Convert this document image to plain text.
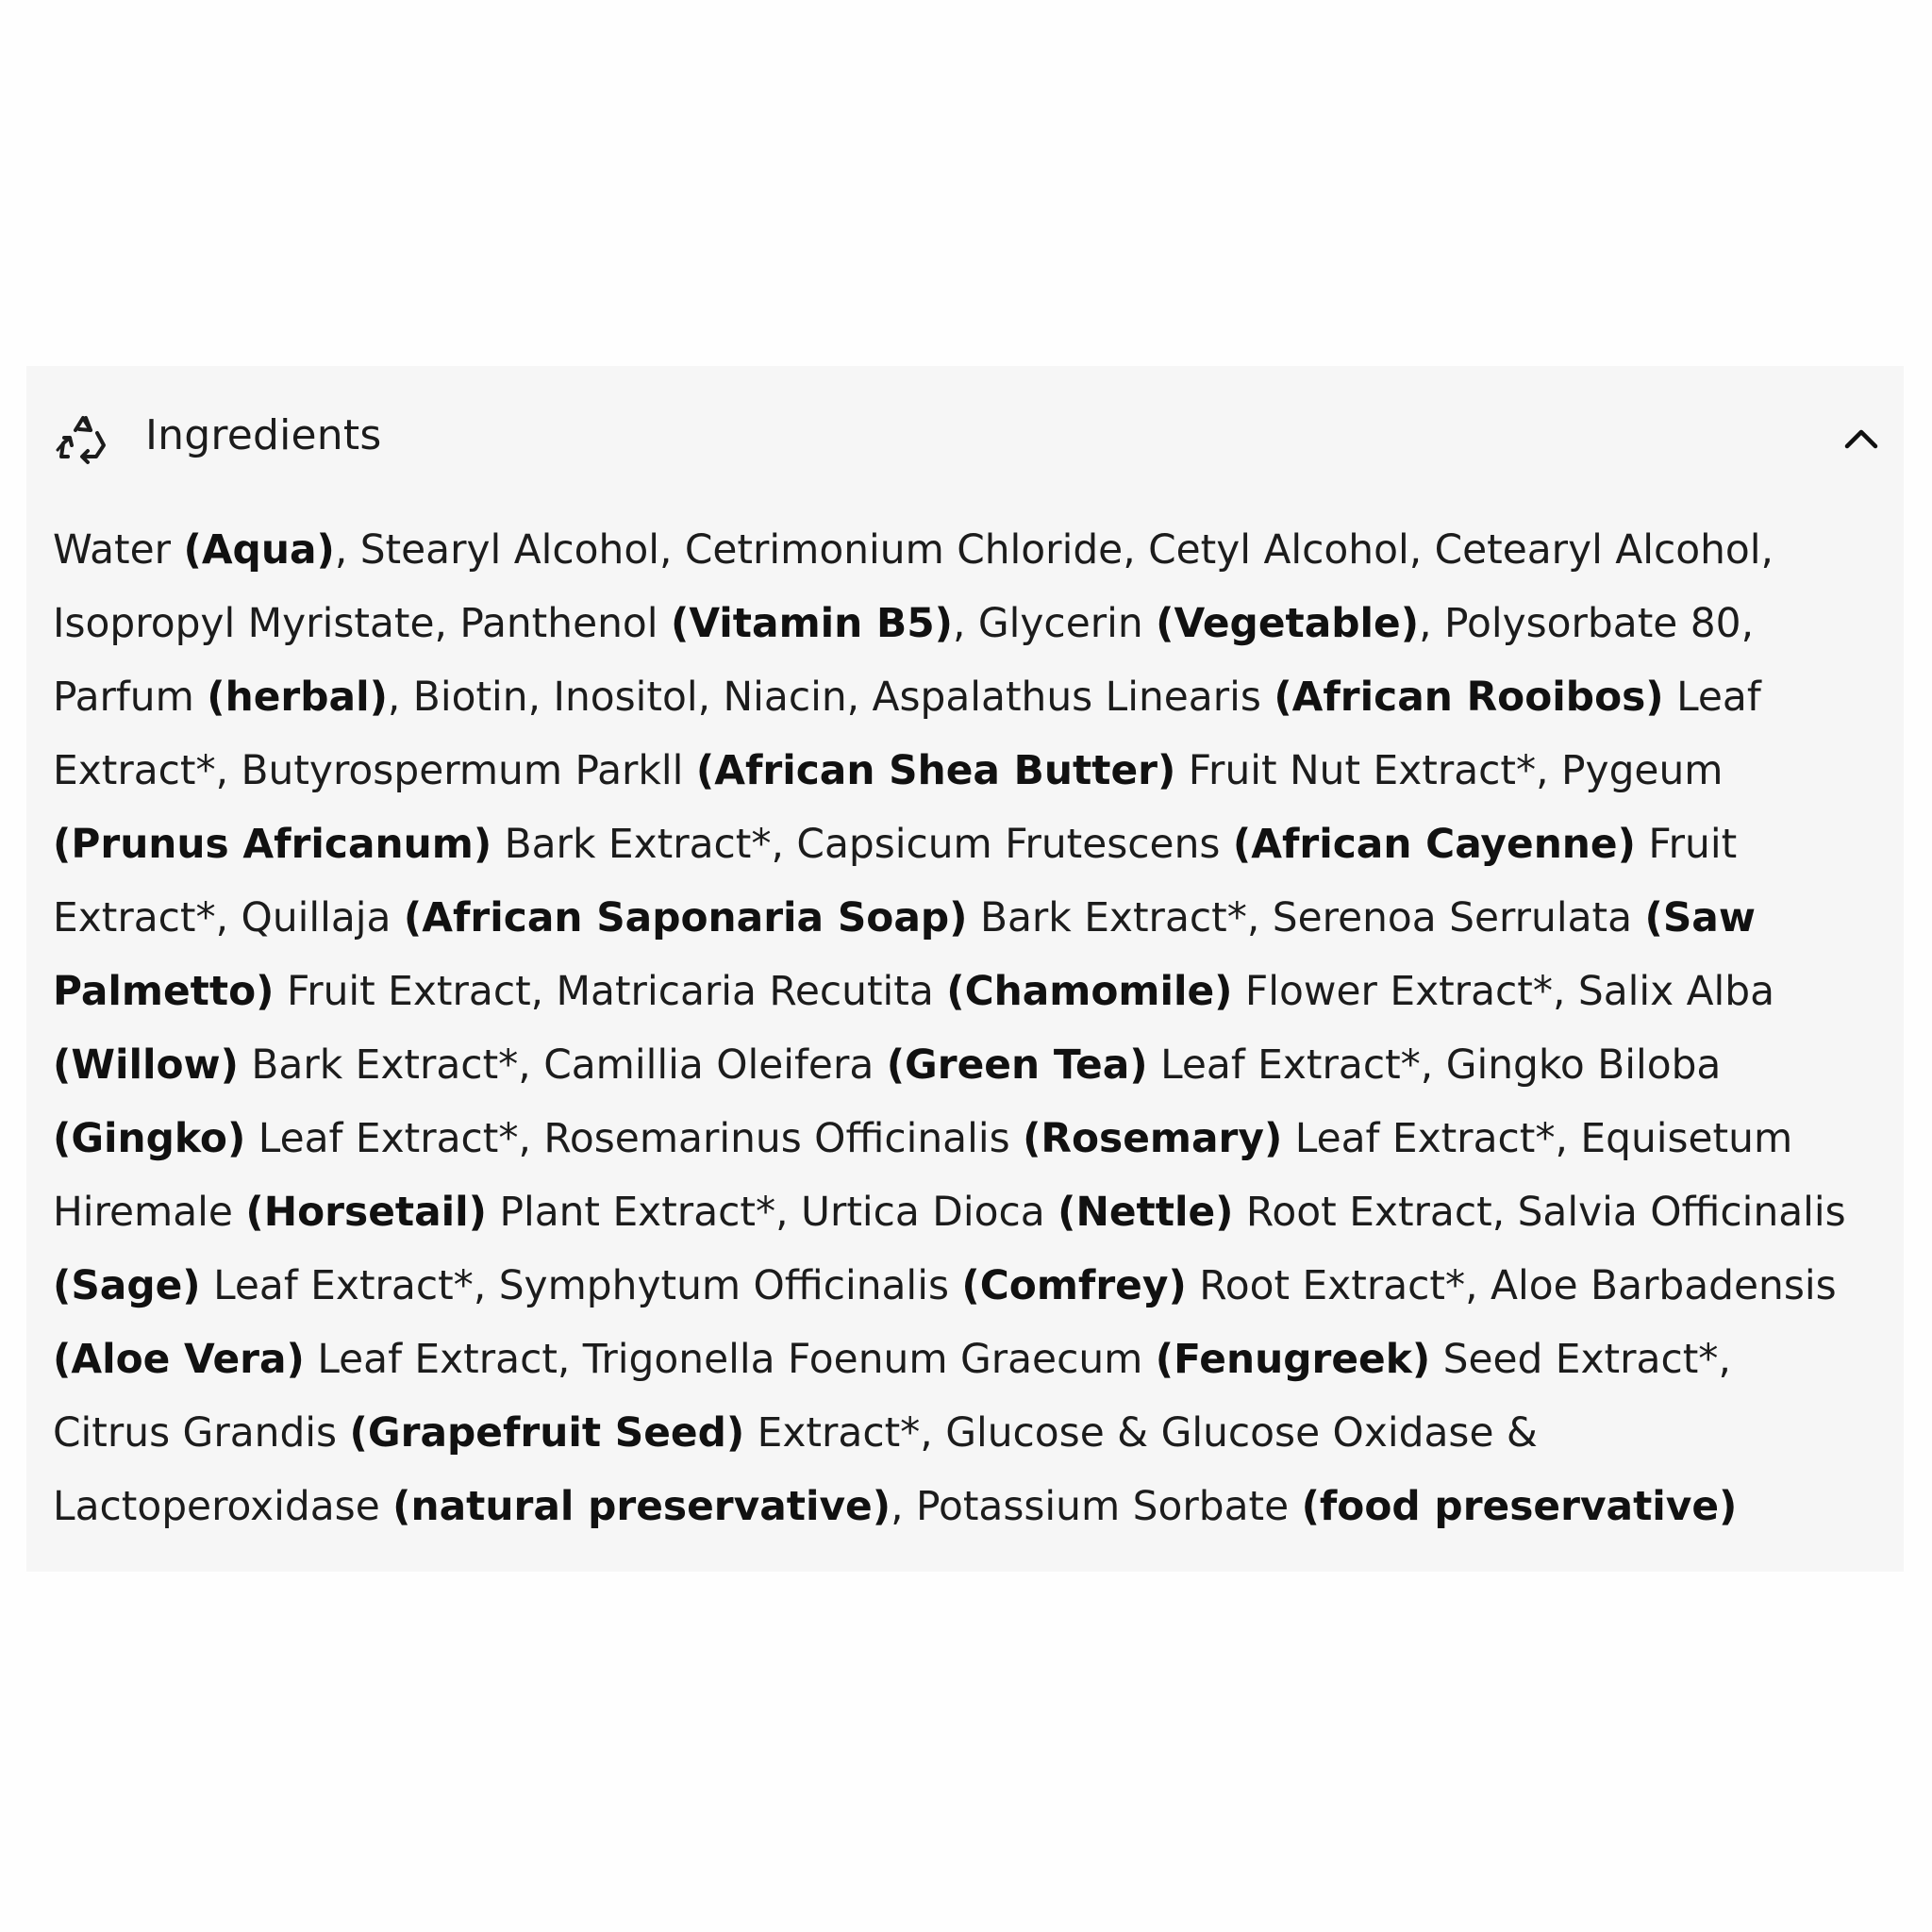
Ingredients
Water (Aqua), Stearyl Alcohol, Cetrimonium Chloride, Cetyl Alcohol, Cetearyl Alcohol,
Isopropyl Myristate, Panthenol (Vitamin B5), Glycerin (Vegetable), Polysorbate 80,
Parfum (herbal), Biotin, Inositol, Niacin, Aspalathus Linearis (African Rooibos) Leaf
Extract*, Butyrospermum Parkll (African Shea Butter) Fruit Nut Extract*, Pygeum
(Prunus Africanum) Bark Extract*, Capsicum Frutescens (African Cayenne) Fruit
Extract*, Quillaja (African Saponaria Soap) Bark Extract*, Serenoa Serrulata (Saw
Palmetto) Fruit Extract, Matricaria Recutita (Chamomile) Flower Extract*, Salix Alba
(Willow) Bark Extract*, Camillia Oleifera (Green Tea) Leaf Extract*, Gingko Biloba
(Gingko) Leaf Extract*, Rosemarinus Officinalis (Rosemary) Leaf Extract*, Equisetum
Hiremale (Horsetail) Plant Extract*, Urtica Dioca (Nettle) Root Extract, Salvia Officinalis
(Sage) Leaf Extract*, Symphytum Officinalis (Comfrey) Root Extract*, Aloe Barbadensis
(Aloe Vera) Leaf Extract, Trigonella Foenum Graecum (Fenugreek) Seed Extract*,
Citrus Grandis (Grapefruit Seed) Extract*, Glucose & Glucose Oxidase &
Lactoperoxidase (natural preservative), Potassium Sorbate (food preservative)
